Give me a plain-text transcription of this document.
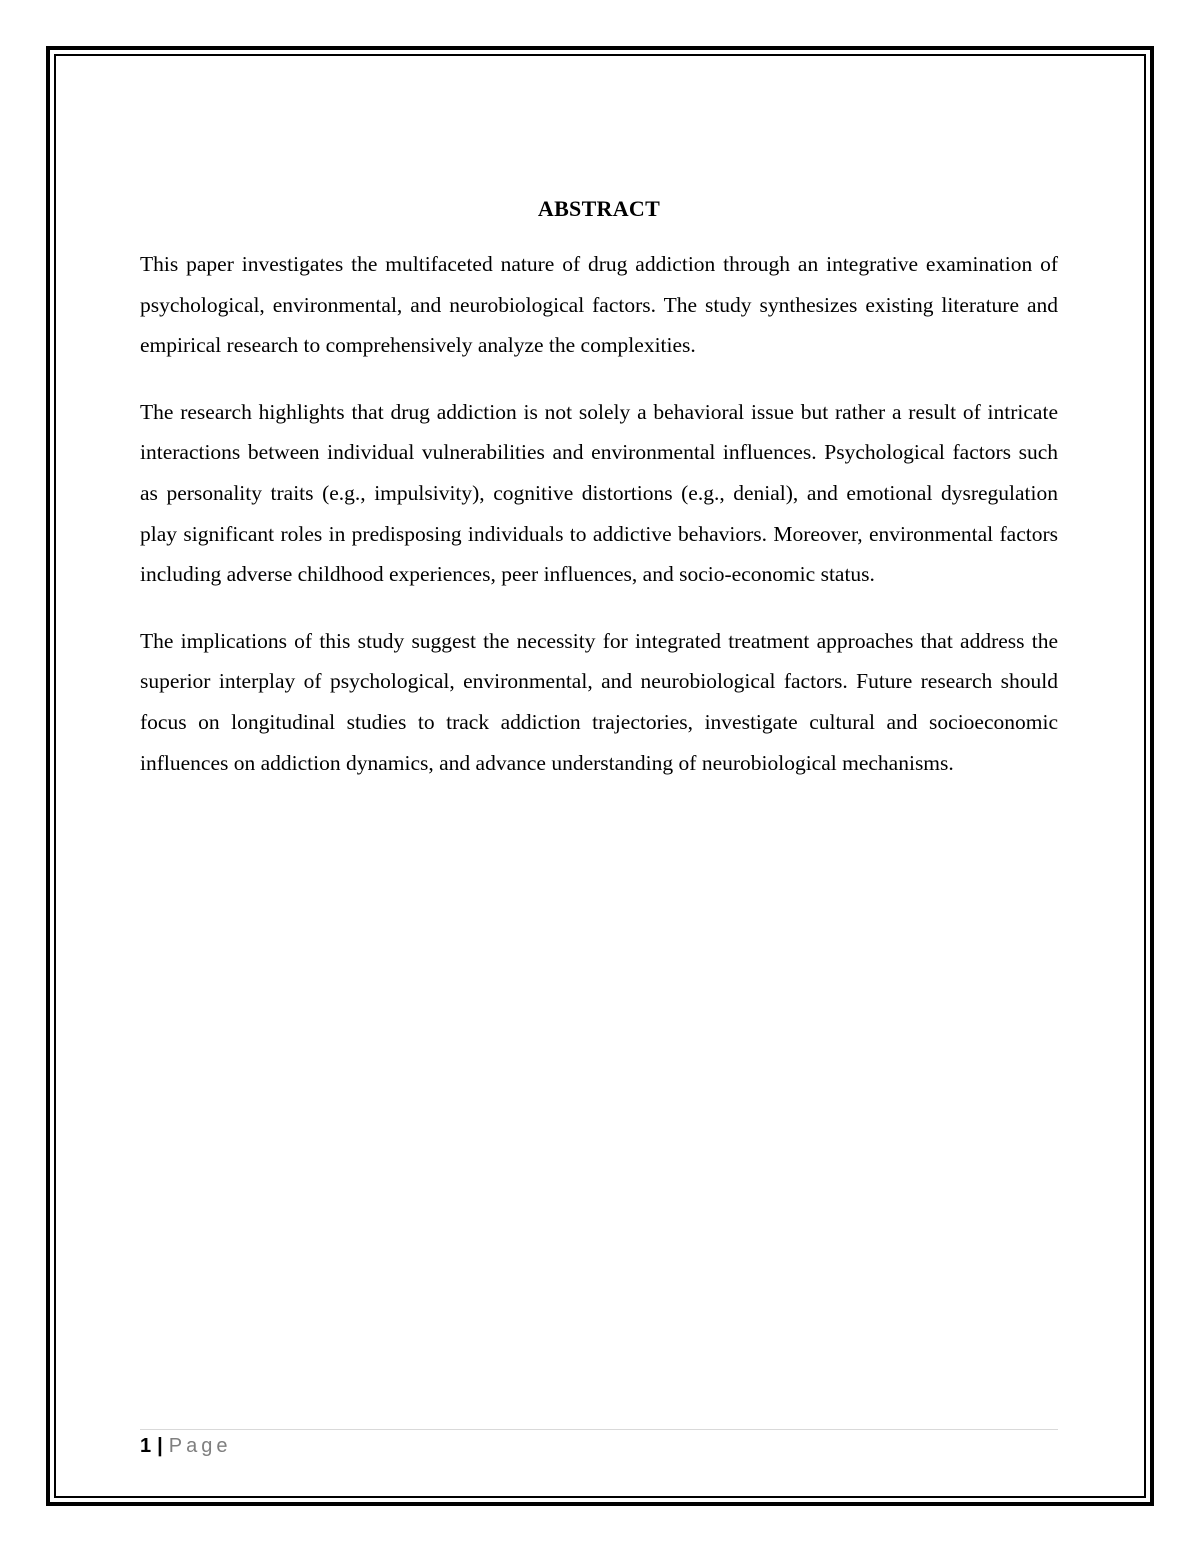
ABSTRACT

This paper investigates the multifaceted nature of drug addiction through an integrative examination of psychological, environmental, and neurobiological factors. The study synthesizes existing literature and empirical research to comprehensively analyze the complexities.

The research highlights that drug addiction is not solely a behavioral issue but rather a result of intricate interactions between individual vulnerabilities and environmental influences. Psychological factors such as personality traits (e.g., impulsivity), cognitive distortions (e.g., denial), and emotional dysregulation play significant roles in predisposing individuals to addictive behaviors. Moreover, environmental factors including adverse childhood experiences, peer influences, and socio-economic status.

The implications of this study suggest the necessity for integrated treatment approaches that address the superior interplay of psychological, environmental, and neurobiological factors. Future research should focus on longitudinal studies to track addiction trajectories, investigate cultural and socioeconomic influences on addiction dynamics, and advance understanding of neurobiological mechanisms.

1 | Page
